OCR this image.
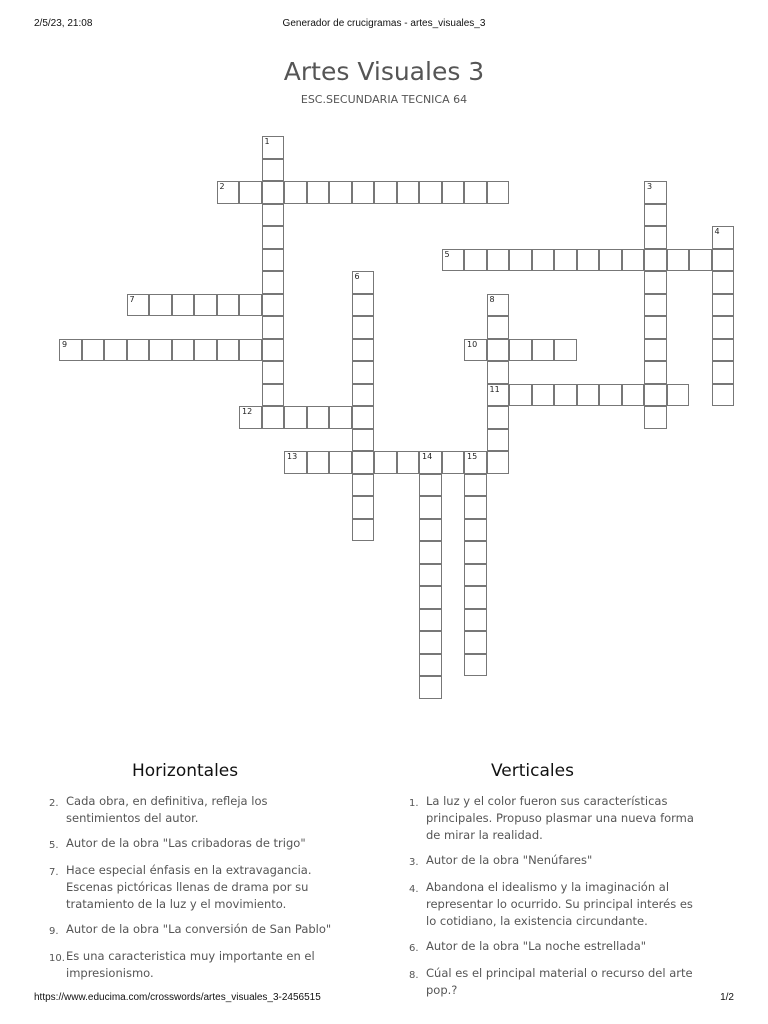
2/5/23, 21:08	Generador de crucigramas - artes_visuales_3
Artes Visuales 3
ESC.SECUNDARIA TECNICA 64
2
5
7
9	10
11
12
13	14	15
1
3
4
6
8
Horizontales	Verticales
2. Cada obra, en definitiva, refleja los sentimientos del autor.
5. Autor de la obra "Las cribadoras de trigo"
7. Hace especial énfasis en la extravagancia. Escenas pictóricas llenas de drama por su tratamiento de la luz y el movimiento.
9. Autor de la obra "La conversión de San Pablo"
10. Es una caracteristica muy importante en el impresionismo.
1. La luz y el color fueron sus características principales. Propuso plasmar una nueva forma de mirar la realidad.
3. Autor de la obra "Nenúfares"
4. Abandona el idealismo y la imaginación al representar lo ocurrido. Su principal interés es lo cotidiano, la existencia circundante.
6. Autor de la obra "La noche estrellada"
8. Cúal es el principal material o recurso del arte pop.?
https://www.educima.com/crosswords/artes_visuales_3-2456515	1/2
